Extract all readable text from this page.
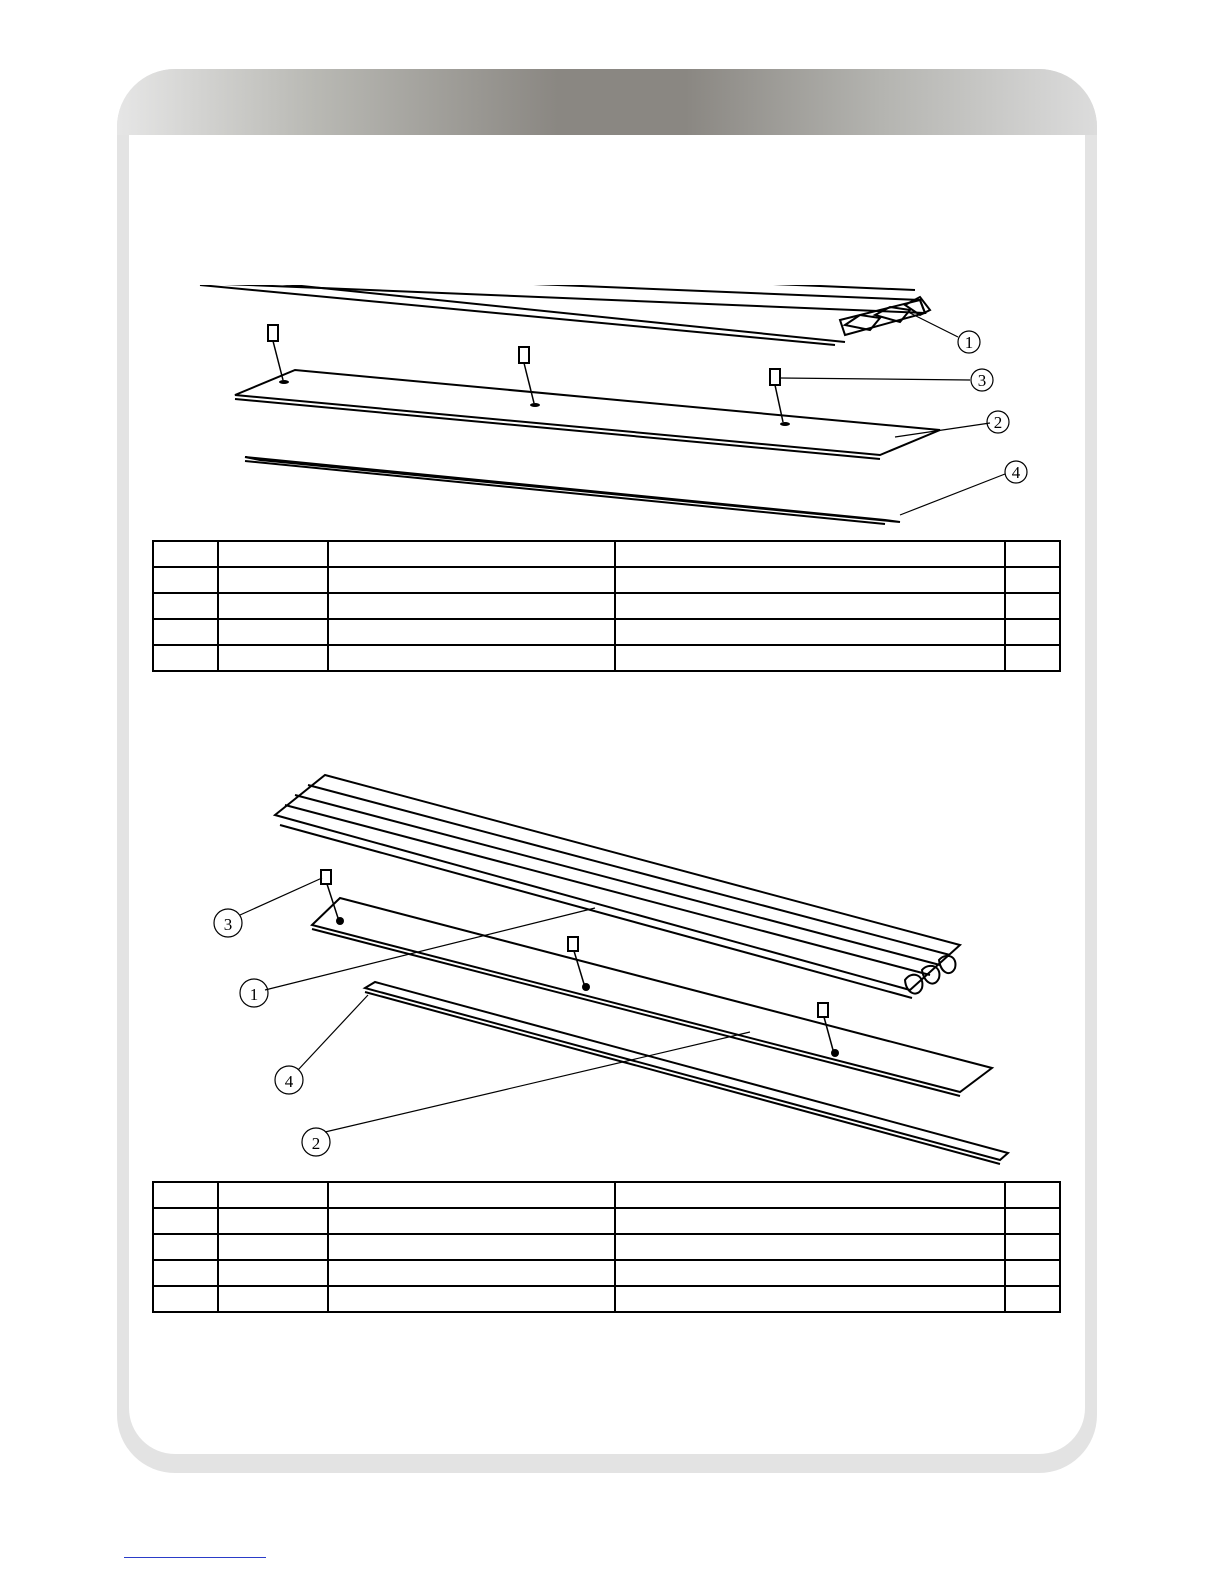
1
3
2
4

3
1
4
2
